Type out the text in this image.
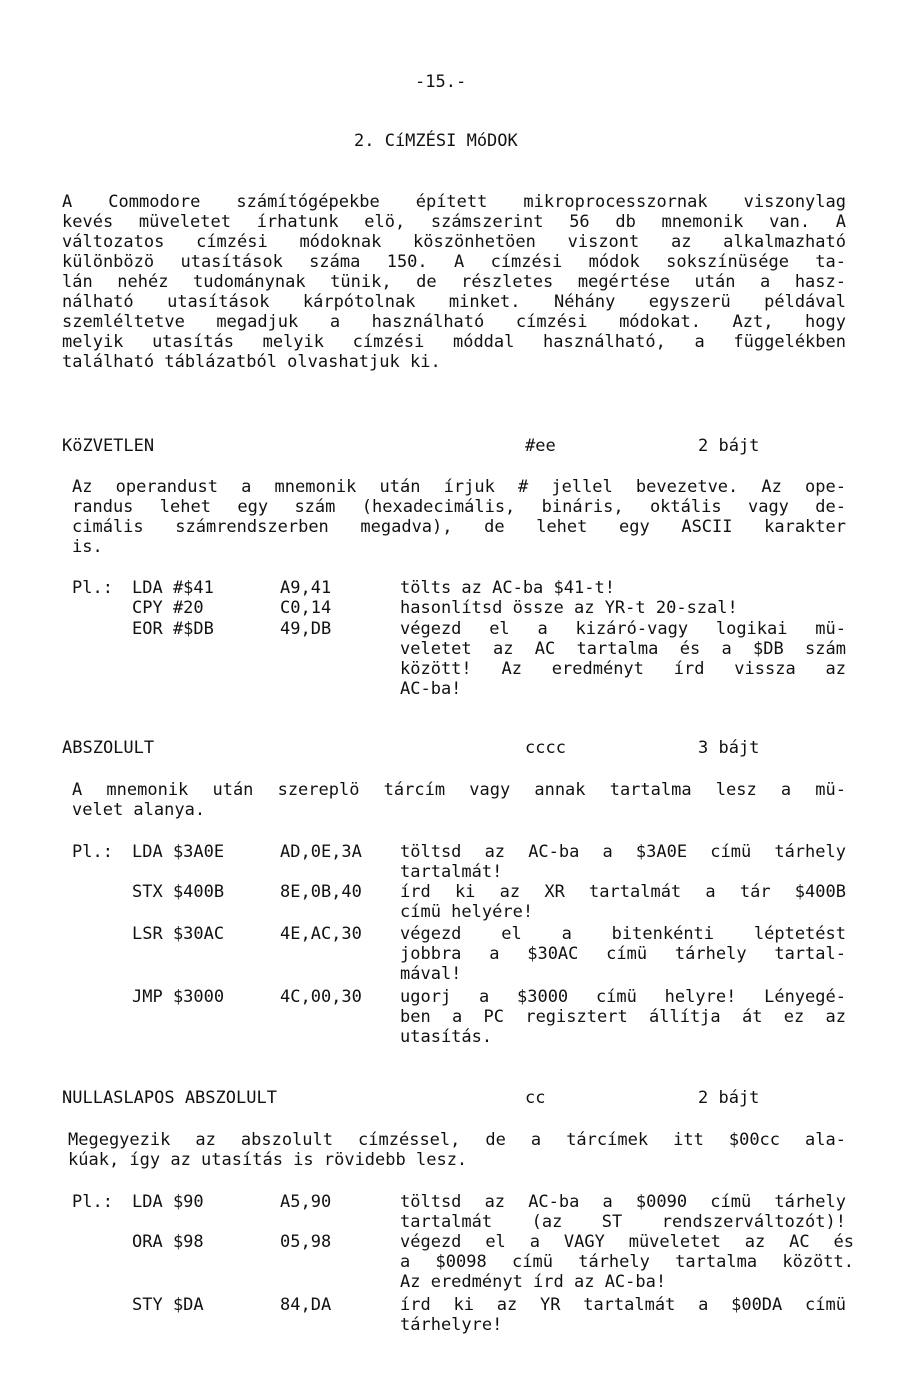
-15.-
2. CíMZÉSI MóDOK
A Commodore számítógépekbe épített mikroprocesszornak viszonylag
kevés müveletet írhatunk elö, számszerint 56 db mnemonik van. A
változatos címzési módoknak köszönhetöen viszont az alkalmazható
különbözö utasítások száma 150. A címzési módok sokszínüsége ta-
lán nehéz tudománynak tünik, de részletes megértése után a hasz-
nálható utasítások kárpótolnak minket. Néhány egyszerü példával
szemléltetve megadjuk a használható címzési módokat. Azt, hogy
melyik utasítás melyik címzési móddal használható, a függelékben
található táblázatból olvashatjuk ki.
KöZVETLEN	#ee	2 bájt
Az operandust a mnemonik után írjuk # jellel bevezetve. Az ope-
randus lehet egy szám (hexadecimális, bináris, oktális vagy de-
cimális számrendszerben megadva), de lehet egy ASCII karakter
is.
Pl.: LDA #$41	A9,41	tölts az AC-ba $41-t!
CPY #20	C0,14	hasonlítsd össze az YR-t 20-szal!
EOR #$DB	49,DB	végezd el a kizáró-vagy logikai mü-
veletet az AC tartalma és a $DB szám
között! Az eredményt írd vissza az
AC-ba!
ABSZOLULT	cccc	3 bájt
A mnemonik után szereplö tárcím vagy annak tartalma lesz a mü-
velet alanya.
Pl.: LDA $3A0E	AD,0E,3A töltsd az AC-ba a $3A0E címü tárhely
tartalmát!
STX $400B	8E,0B,40 írd ki az XR tartalmát a tár $400B
címü helyére!
LSR $30AC	4E,AC,30 végezd el a bitenkénti léptetést
jobbra a $30AC címü tárhely tartal-
mával!
JMP $3000	4C,00,30 ugorj a $3000 címü helyre! Lényegé-
ben a PC regisztert állítja át ez az
utasítás.
NULLASLAPOS ABSZOLULT	cc	2 bájt
Megegyezik az abszolult címzéssel, de a tárcímek itt $00cc ala-
kúak, így az utasítás is rövidebb lesz.
Pl.: LDA $90	A5,90	töltsd az AC-ba a $0090 címü tárhely
tartalmát (az ST rendszerváltozót)!
ORA $98	05,98	végezd el a VAGY müveletet az AC és
a $0098 címü tárhely tartalma között.
Az eredményt írd az AC-ba!
STY $DA	84,DA	írd ki az YR tartalmát a $00DA címü
tárhelyre!
